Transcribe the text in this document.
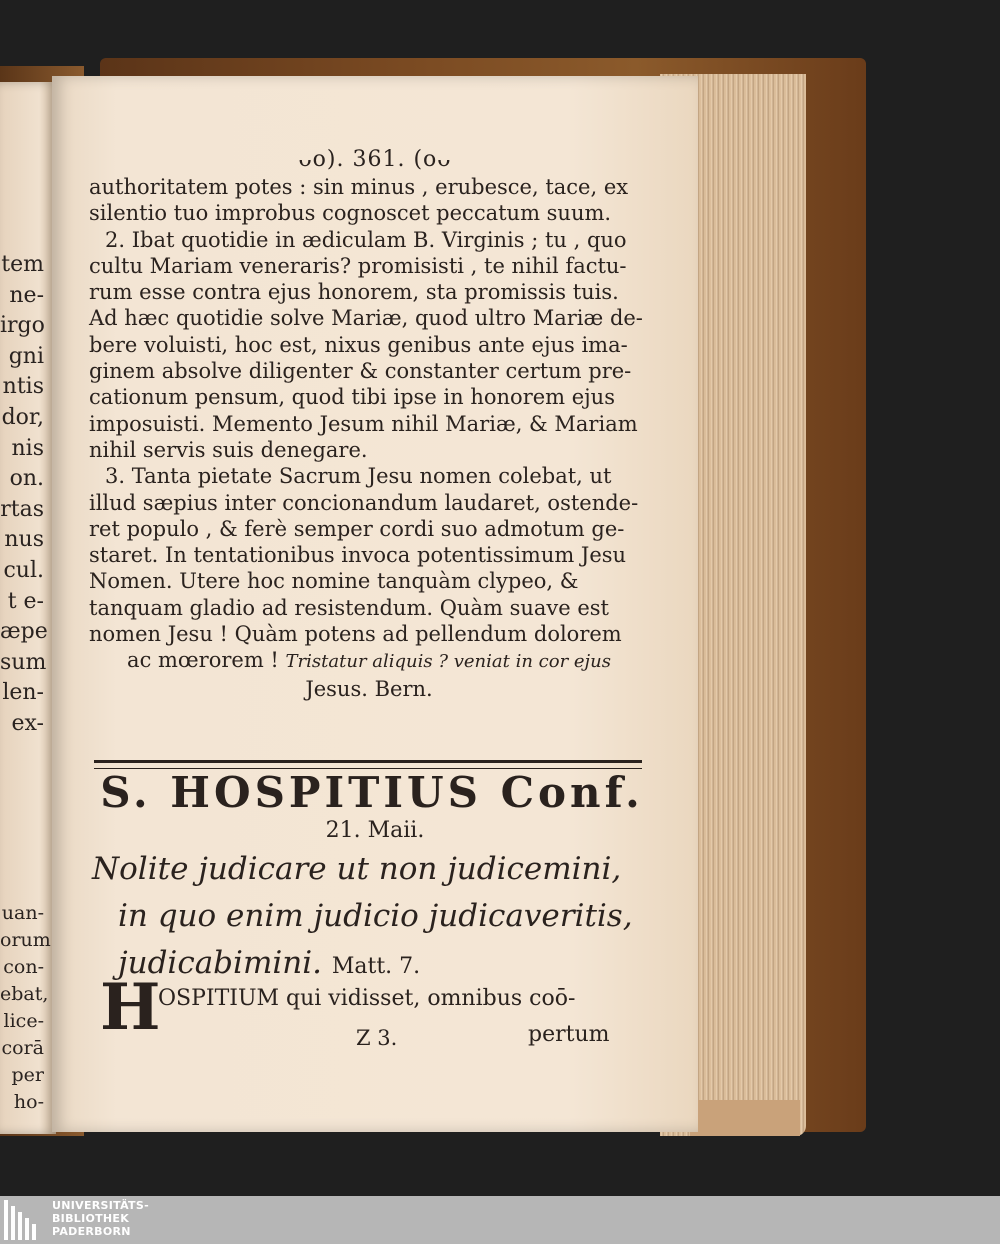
tem
ne-
irgo
gni
ntis
dor,
nis
on.
rtas
nus
cul.
t e-
æpe
sum
len-
ex-
uan-
orum
con-
ebat,
lice-
corā
per
ho-
ᴗo). 361. (oᴗ

authoritatem potes : sin minus , erubesce, tace, ex

silentio tuo improbus cognoscet peccatum suum.

2. Ibat quotidie in ædiculam B. Virginis ; tu , quo

cultu Mariam veneraris? promisisti , te nihil factu-

rum esse contra ejus honorem, sta promissis tuis.

Ad hæc quotidie solve Mariæ, quod ultro Mariæ de-

bere voluisti, hoc est, nixus genibus ante ejus ima-

ginem absolve diligenter & constanter certum pre-

cationum pensum, quod tibi ipse in honorem ejus

imposuisti. Memento Jesum nihil Mariæ, & Mariam

nihil servis suis denegare.

3. Tanta pietate Sacrum Jesu nomen colebat, ut

illud sæpius inter concionandum laudaret, ostende-

ret populo , & ferè semper cordi suo admotum ge-

staret. In tentationibus invoca potentissimum Jesu

Nomen. Utere hoc nomine tanquàm clypeo, &

tanquam gladio ad resistendum. Quàm suave est

nomen Jesu ! Quàm potens ad pellendum dolorem

ac mœrorem ! Tristatur aliquis ? veniat in cor ejus

Jesus. Bern.

S. HOSPITIUS Conf.
21. Maii.
Nolite judicare ut non judicemini,
in quo enim judicio judicaveritis,
judicabimini. Matt. 7.
H
OSPITIUM qui vidisset, omnibus coō-
Z 3.	pertum
UNIVERSITÄTS-
BIBLIOTHEK
PADERBORN
